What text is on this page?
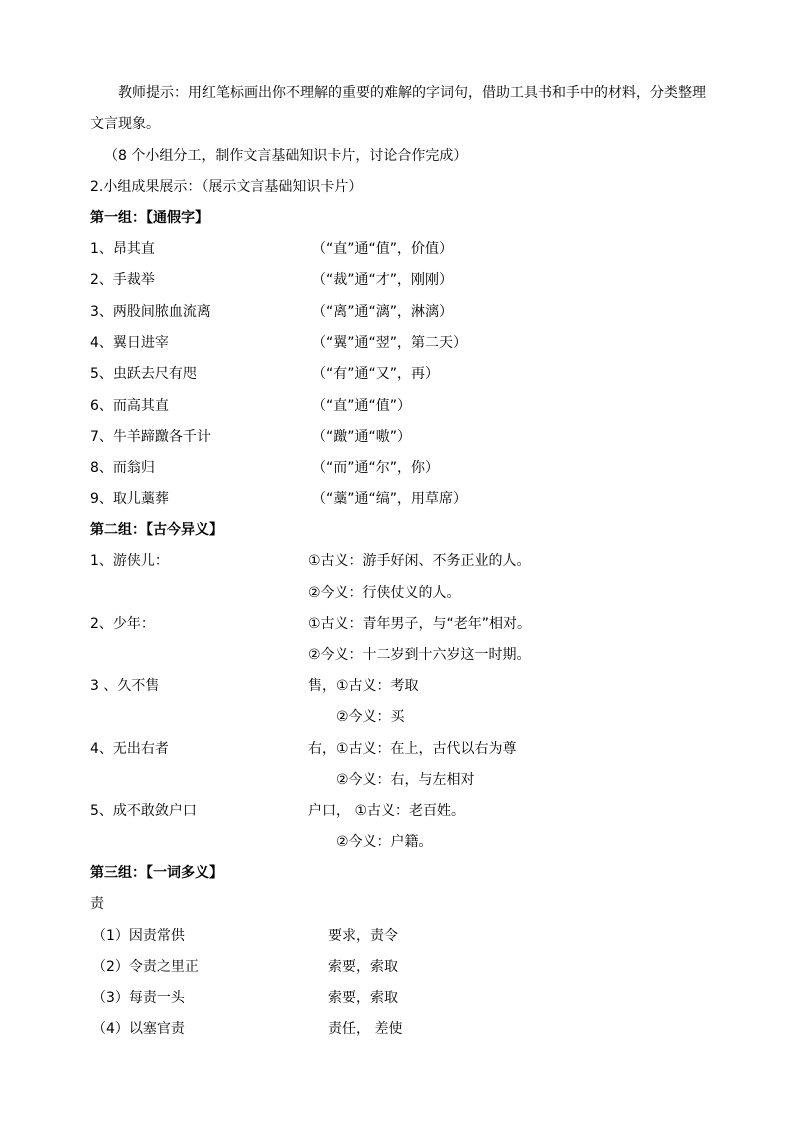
教师提示：用红笔标画出你不理解的重要的难解的字词句，借助工具书和手中的材料，分类整理
文言现象。
（8 个小组分工，制作文言基础知识卡片，讨论合作完成）
2.小组成果展示：（展示文言基础知识卡片）
第一组：【通假字】
1、昂其直	（“直”通“值”，价值）
2、手裁举	（“裁”通“才”，刚刚）
3、两股间脓血流离	（“离”通“漓”，淋漓）
4、翼日进宰	（“翼”通“翌”，第二天）
5、虫跃去尺有咫	（“有”通“又”，再）
6、而高其直	（“直”通“值”）
7、牛羊蹄躈各千计	（“躈”通“嗷”）
8、而翁归	（“而”通“尔”，你）
9、取儿藁葬	（“藁”通“缟”，用草席）
第二组：【古今异义】
1、游侠儿：	①古义：游手好闲、不务正业的人。
②今义：行侠仗义的人。
2、少年：	①古义：青年男子，与“老年”相对。
②今义：十二岁到十六岁这一时期。
3 、久不售	售，①古义：考取
②今义：买
4、无出右者	右，①古义：在上，古代以右为尊
②今义：右，与左相对
5、成不敢敛户口	户口， ①古义：老百姓。
②今义：户籍。
第三组：【一词多义】
责
（1）因责常供	要求，责令
（2）令责之里正	索要，索取
（3）每责一头	索要，索取
（4）以塞官责	责任， 差使
